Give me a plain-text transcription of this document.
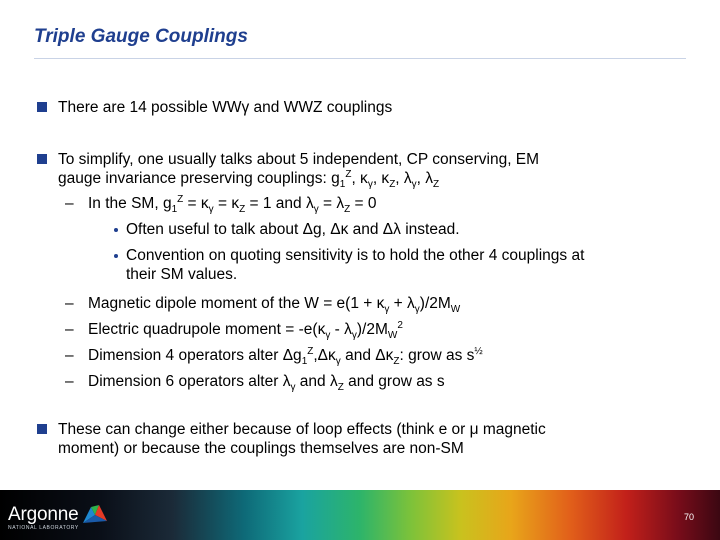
Triple Gauge Couplings
There are 14 possible WWγ and WWZ couplings
To simplify, one usually talks about 5 independent, CP conserving, EM
gauge invariance preserving couplings: $g_1^Z$, $\kappa_\gamma$, $\kappa_Z$, $\lambda_\gamma$, $\lambda_Z$
– In the SM, $g_1^Z = \kappa_\gamma = \kappa_Z = 1$ and $\lambda_\gamma = \lambda_Z = 0$
Often useful to talk about Δg, Δκ and Δλ instead.
Convention on quoting sensitivity is to hold the other 4 couplings at
their SM values.
– Magnetic dipole moment of the $W = e(1 + \kappa_\gamma + \lambda_\gamma)/2M_W$
– Electric quadrupole moment = $-e(\kappa_\gamma - \lambda_\gamma)/2M_W^2$
– Dimension 4 operators alter $\Delta g_1^Z,\Delta\kappa_\gamma$ and $\Delta\kappa_Z$: grow as $s^{\frac{1}{2}}$
– Dimension 6 operators alter $\lambda_\gamma$ and $\lambda_Z$ and grow as s
These can change either because of loop effects (think e or μ magnetic
moment) or because the couplings themselves are non-SM
Argonne
NATIONAL LABORATORY
70
